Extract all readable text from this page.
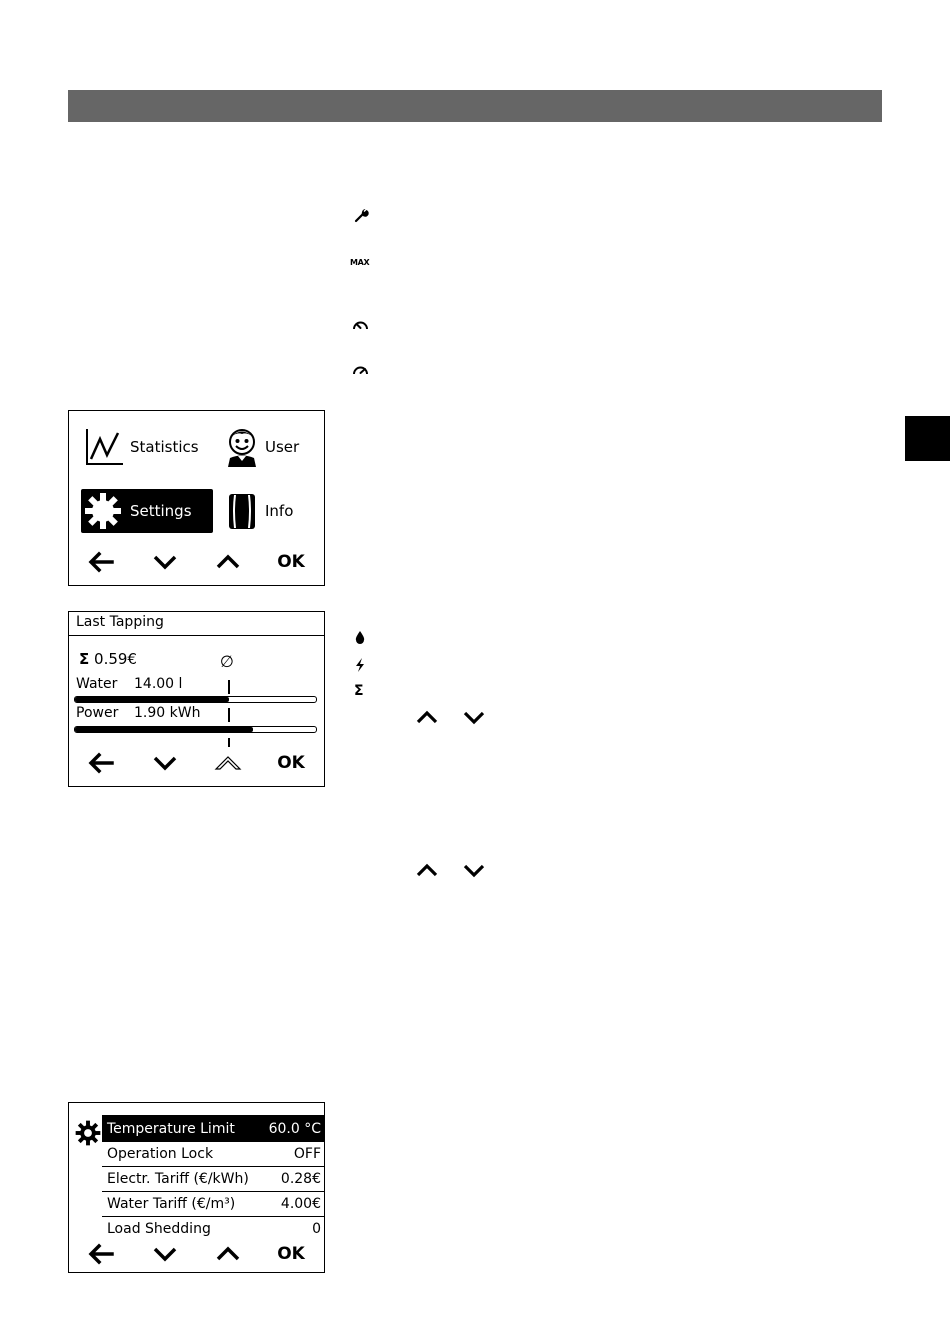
MAX
Statistics	User
Settings	Info
OK
Last Tapping
Σ 0.59€	∅
Water 14.00 l
Power 1.90 kWh
OK
Σ
Temperature Limit 60.0 °C
Operation Lock	OFF
Electr. Tariff (€/kWh) 0.28€
Water Tariff (€/m³)	4.00€
Load Shedding	0
OK
